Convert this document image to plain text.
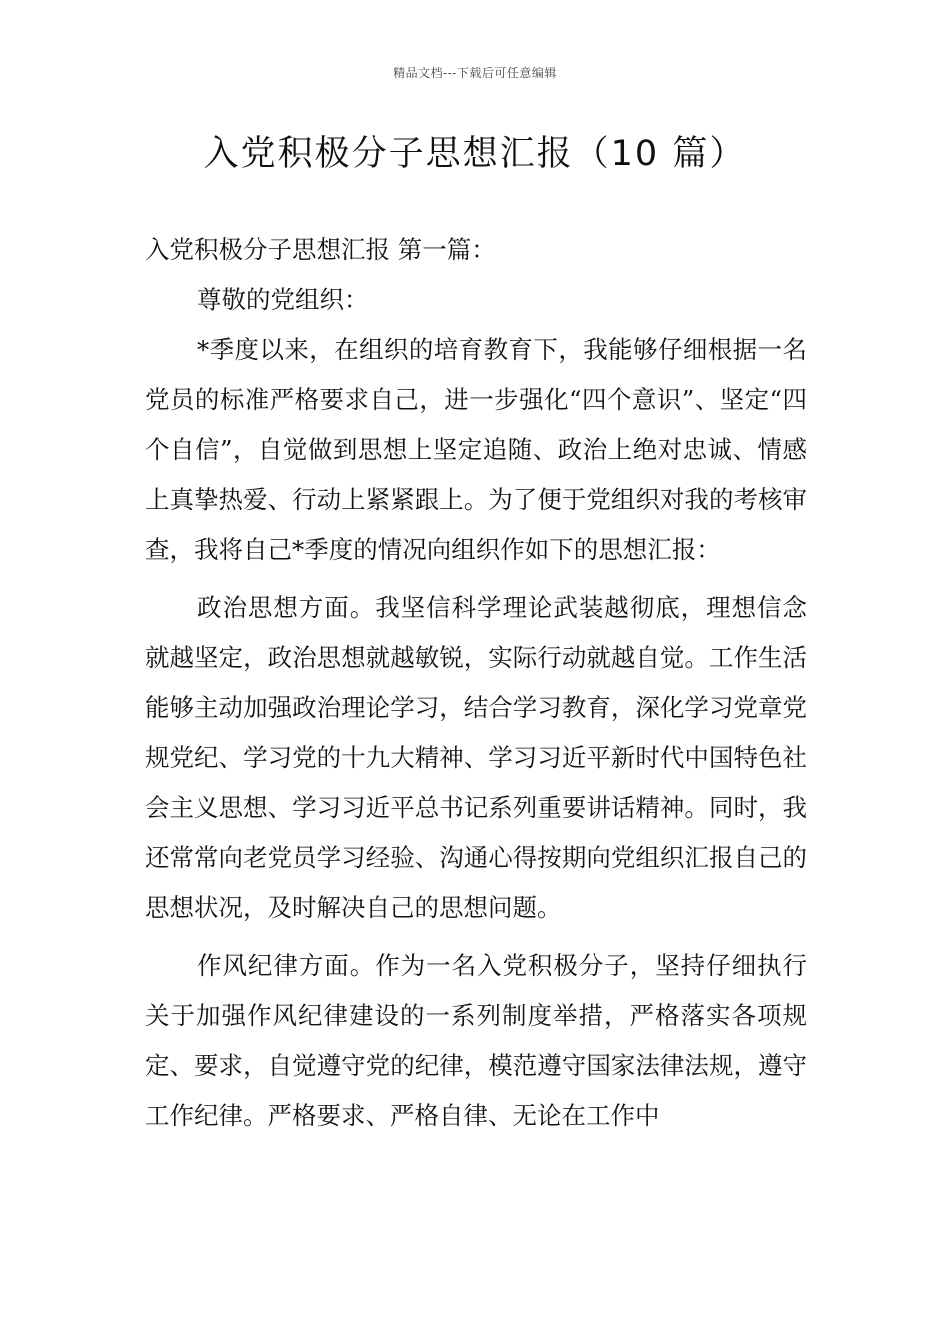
精品文档---下载后可任意编辑
入党积极分子思想汇报（10 篇）

入党积极分子思想汇报 第一篇：

尊敬的党组织：

*季度以来，在组织的培育教育下，我能够仔细根据一名党员的标准严格要求自己，进一步强化“四个意识”、坚定“四个自信”，自觉做到思想上坚定追随、政治上绝对忠诚、情感上真挚热爱、行动上紧紧跟上。为了便于党组织对我的考核审查，我将自己*季度的情况向组织作如下的思想汇报：

政治思想方面。我坚信科学理论武装越彻底，理想信念就越坚定，政治思想就越敏锐，实际行动就越自觉。工作生活能够主动加强政治理论学习，结合学习教育，深化学习党章党规党纪、学习党的十九大精神、学习习近平新时代中国特色社会主义思想、学习习近平总书记系列重要讲话精神。同时，我还常常向老党员学习经验、沟通心得按期向党组织汇报自己的思想状况，及时解决自己的思想问题。

作风纪律方面。作为一名入党积极分子，坚持仔细执行关于加强作风纪律建设的一系列制度举措，严格落实各项规定、要求，自觉遵守党的纪律，模范遵守国家法律法规，遵守工作纪律。严格要求、严格自律、无论在工作中
